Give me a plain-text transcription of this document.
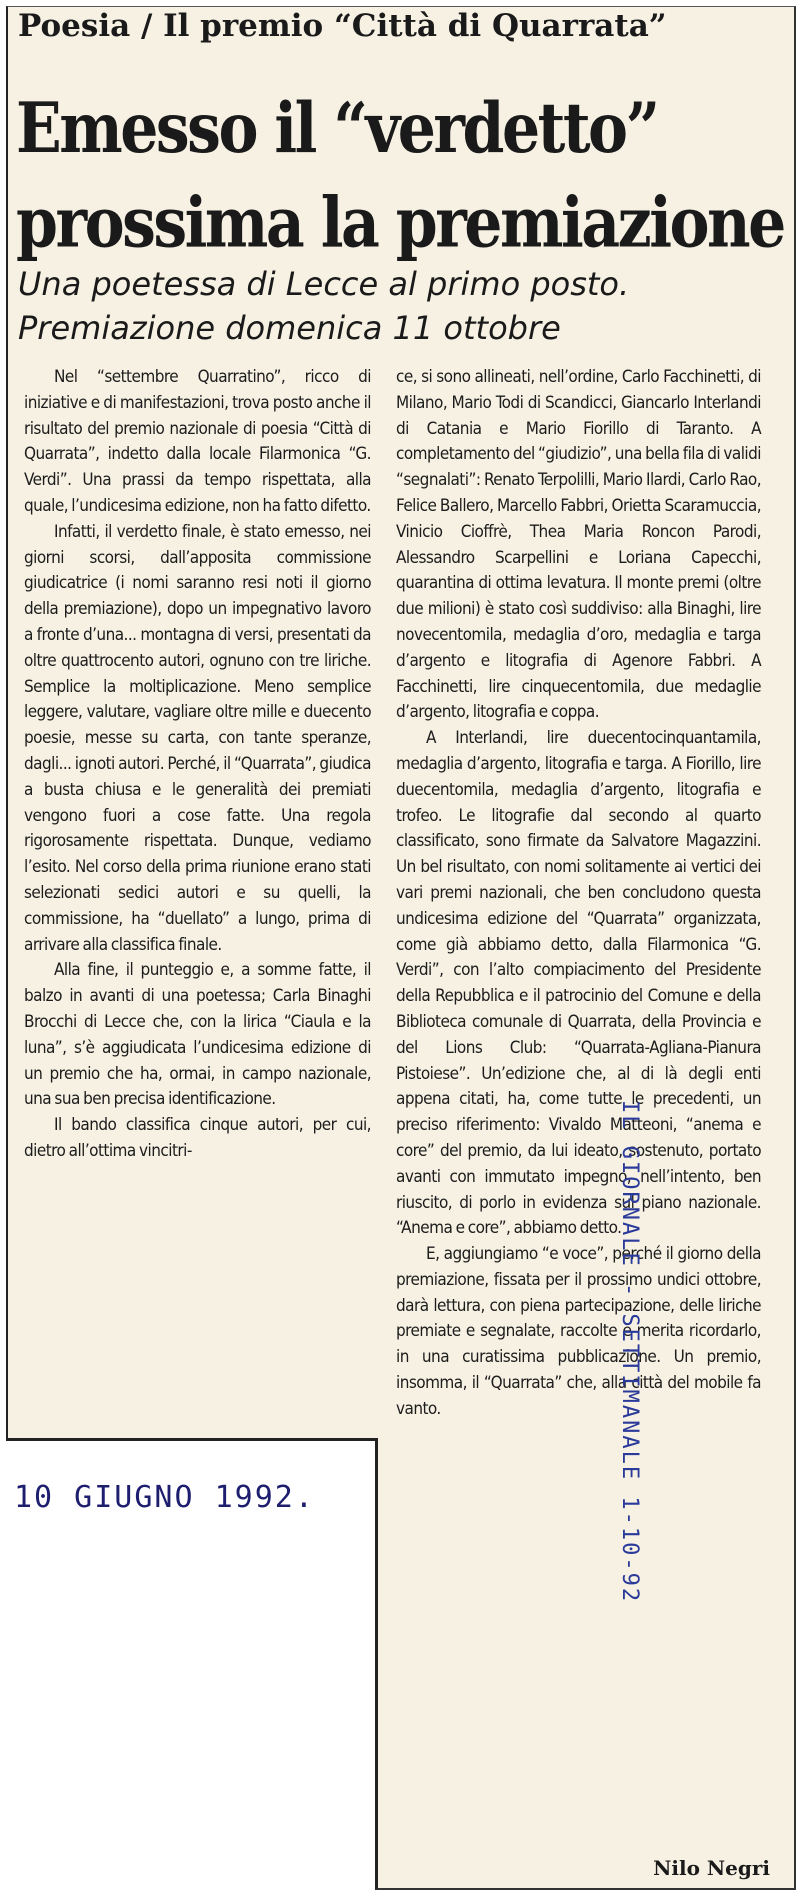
Poesia / Il premio “Città di Quarrata”
Emesso il “verdetto”
prossima la premiazione
Una poetessa di Lecce al primo posto.
Premiazione domenica 11 ottobre

Nel “settembre Quarratino”, ricco di iniziative e di manifestazioni, trova posto anche il risultato del premio nazionale di poesia “Città di Quarrata”, indetto dalla locale Filarmonica “G. Verdi”. Una prassi da tempo rispettata, alla quale, l’undicesima edizione, non ha fatto difetto.

Infatti, il verdetto finale, è stato emesso, nei giorni scorsi, dall’apposita commissione giudicatrice (i nomi saranno resi noti il giorno della premiazione), dopo un impegnativo lavoro a fronte d’una... montagna di versi, presentati da oltre quattrocento autori, ognuno con tre liriche. Semplice la moltiplicazione. Meno semplice leggere, valutare, vagliare oltre mille e duecento poesie, messe su carta, con tante speranze, dagli... ignoti autori. Perché, il “Quarrata”, giudica a busta chiusa e le generalità dei premiati vengono fuori a cose fatte. Una regola rigorosamente rispettata. Dunque, vediamo l’esito. Nel corso della prima riunione erano stati selezionati sedici autori e su quelli, la commissione, ha “duellato” a lungo, prima di arrivare alla classifica finale.

Alla fine, il punteggio e, a somme fatte, il balzo in avanti di una poetessa; Carla Binaghi Brocchi di Lecce che, con la lirica “Ciaula e la luna”, s’è aggiudicata l’undicesima edizione di un premio che ha, ormai, in campo nazionale, una sua ben precisa identificazione.

Il bando classifica cinque autori, per cui, dietro all’ottima vincitri-

ce, si sono allineati, nell’ordine, Carlo Facchinetti, di Milano, Mario Todi di Scandicci, Giancarlo Interlandi di Catania e Mario Fiorillo di Taranto. A completamento del “giudizio”, una bella fila di validi “segnalati”: Renato Terpolilli, Mario Ilardi, Carlo Rao, Felice Ballero, Marcello Fabbri, Orietta Scaramuccia, Vinicio Cioffrè, Thea Maria Roncon Parodi, Alessandro Scarpellini e Loriana Capecchi, quarantina di ottima levatura. Il monte premi (oltre due milioni) è stato così suddiviso: alla Binaghi, lire novecentomila, medaglia d’oro, medaglia e targa d’argento e litografia di Agenore Fabbri. A Facchinetti, lire cinquecentomila, due medaglie d’argento, litografia e coppa.

A Interlandi, lire duecentocinquantamila, medaglia d’argento, litografia e targa. A Fiorillo, lire duecentomila, medaglia d’argento, litografia e trofeo. Le litografie dal secondo al quarto classificato, sono firmate da Salvatore Magazzini. Un bel risultato, con nomi solitamente ai vertici dei vari premi nazionali, che ben concludono questa undicesima edizione del “Quarrata” organizzata, come già abbiamo detto, dalla Filarmonica “G. Verdi”, con l’alto compiacimento del Presidente della Repubblica e il patrocinio del Comune e della Biblioteca comunale di Quarrata, della Provincia e del Lions Club: “Quarrata-Agliana-Pianura Pistoiese”. Un’edizione che, al di là degli enti appena citati, ha, come tutte le precedenti, un preciso riferimento: Vivaldo Matteoni, “anema e core” del premio, da lui ideato, sostenuto, portato avanti con immutato impegno, nell’intento, ben riuscito, di porlo in evidenza sul piano nazionale. “Anema e core”, abbiamo detto.

E, aggiungiamo “e voce”, perché il giorno della premiazione, fissata per il prossimo undici ottobre, darà lettura, con piena partecipazione, delle liriche premiate e segnalate, raccolte e merita ricordarlo, in una curatissima pubblicazione. Un premio, insomma, il “Quarrata” che, alla città del mobile fa vanto.

Nilo Negri
10 GIUGNO 1992.	IL GIORNALE - SETTIMANALE 1-10-92
